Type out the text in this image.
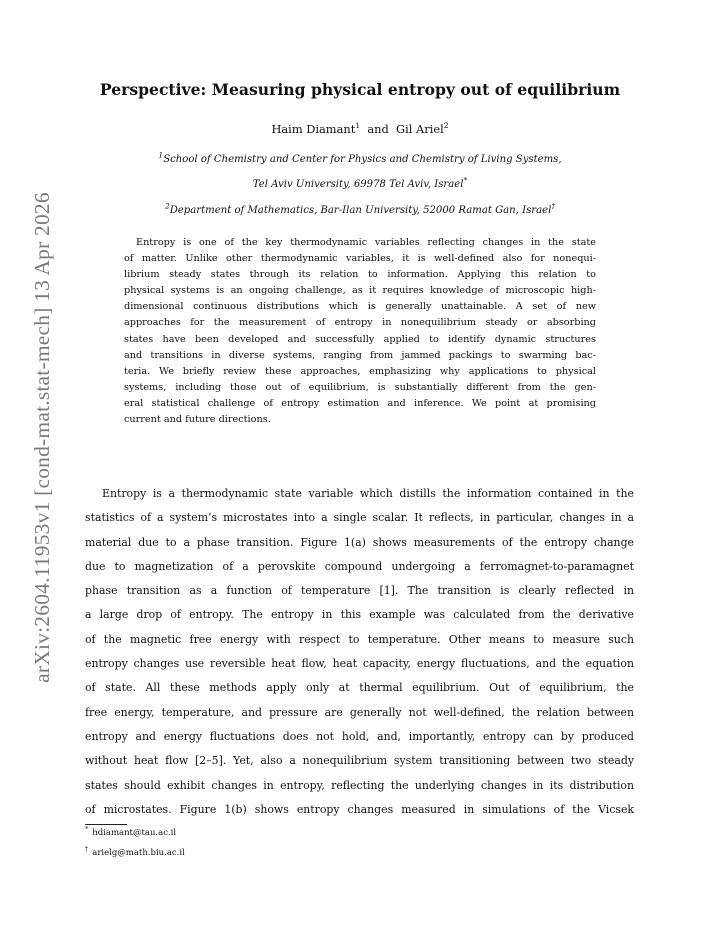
arXiv:2604.11953v1 [cond-mat.stat-mech] 13 Apr 2026
Perspective: Measuring physical entropy out of equilibrium
Haim Diamant$^1$ and Gil Ariel$^2$
$^1$School of Chemistry and Center for Physics and Chemistry of Living Systems,
Tel Aviv University, 69978 Tel Aviv, Israel*
$^2$Department of Mathematics, Bar-Ilan University, 52000 Ramat Gan, Israel†
Entropy is one of the key thermodynamic variables reflecting changes in the state
of matter. Unlike other thermodynamic variables, it is well-defined also for nonequi-
librium steady states through its relation to information. Applying this relation to
physical systems is an ongoing challenge, as it requires knowledge of microscopic high-
dimensional continuous distributions which is generally unattainable. A set of new
approaches for the measurement of entropy in nonequilibrium steady or absorbing
states have been developed and successfully applied to identify dynamic structures
and transitions in diverse systems, ranging from jammed packings to swarming bac-
teria. We briefly review these approaches, emphasizing why applications to physical
systems, including those out of equilibrium, is substantially different from the gen-
eral statistical challenge of entropy estimation and inference. We point at promising
current and future directions.
Entropy is a thermodynamic state variable which distills the information contained in the
statistics of a system’s microstates into a single scalar. It reflects, in particular, changes in a
material due to a phase transition. Figure 1(a) shows measurements of the entropy change
due to magnetization of a perovskite compound undergoing a ferromagnet-to-paramagnet
phase transition as a function of temperature [1]. The transition is clearly reflected in
a large drop of entropy. The entropy in this example was calculated from the derivative
of the magnetic free energy with respect to temperature. Other means to measure such
entropy changes use reversible heat flow, heat capacity, energy fluctuations, and the equation
of state. All these methods apply only at thermal equilibrium. Out of equilibrium, the
free energy, temperature, and pressure are generally not well-defined, the relation between
entropy and energy fluctuations does not hold, and, importantly, entropy can by produced
without heat flow [2–5]. Yet, also a nonequilibrium system transitioning between two steady
states should exhibit changes in entropy, reflecting the underlying changes in its distribution
of microstates. Figure 1(b) shows entropy changes measured in simulations of the Vicsek
* hdiamant@tau.ac.il
† arielg@math.biu.ac.il
